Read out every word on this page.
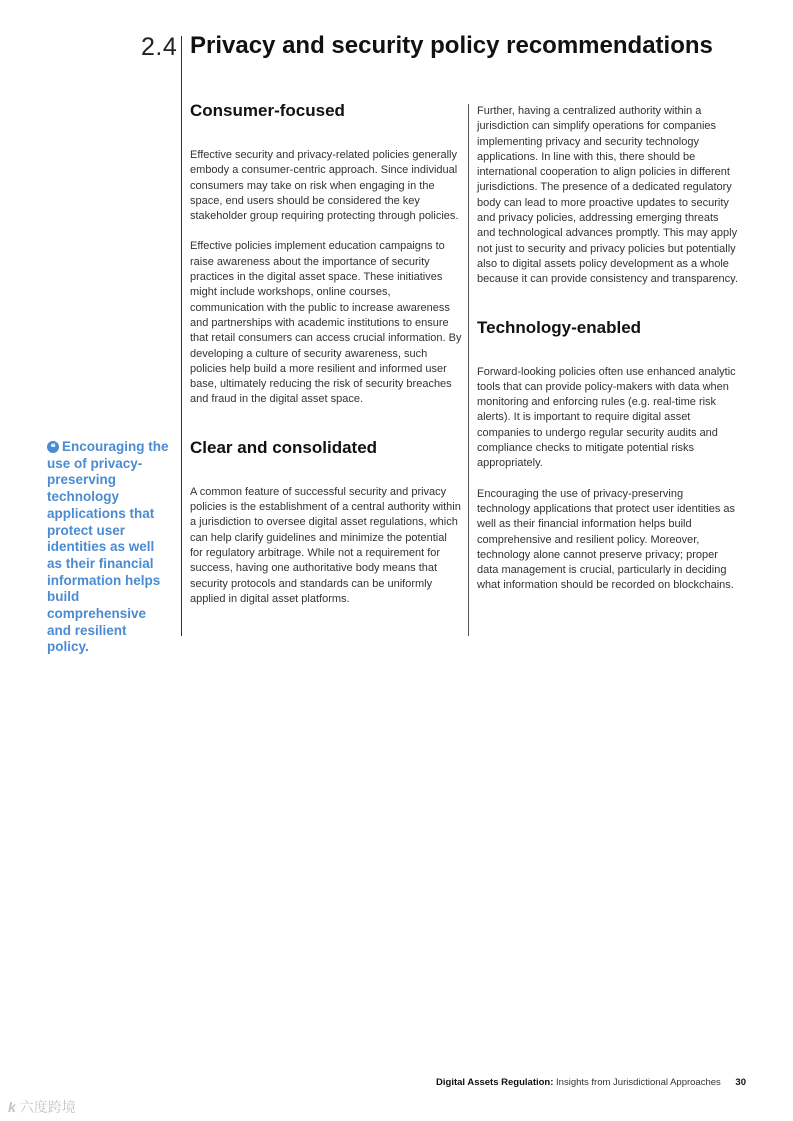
2.4 Privacy and security policy recommendations
Consumer-focused

Effective security and privacy-related policies generally embody a consumer-centric approach. Since individual consumers may take on risk when engaging in the space, end users should be considered the key stakeholder group requiring protecting through policies.

Effective policies implement education campaigns to raise awareness about the importance of security practices in the digital asset space. These initiatives might include workshops, online courses, communication with the public to increase awareness and partnerships with academic institutions to ensure that retail consumers can access crucial information. By developing a culture of security awareness, such policies help build a more resilient and informed user base, ultimately reducing the risk of security breaches and fraud in the digital asset space.

Clear and consolidated

A common feature of successful security and privacy policies is the establishment of a central authority within a jurisdiction to oversee digital asset regulations, which can help clarify guidelines and minimize the potential for regulatory arbitrage. While not a requirement for success, having one authoritative body means that security protocols and standards can be uniformly applied in digital asset platforms.

Further, having a centralized authority within a jurisdiction can simplify operations for companies implementing privacy and security technology applications. In line with this, there should be international cooperation to align policies in different jurisdictions. The presence of a dedicated regulatory body can lead to more proactive updates to security and privacy policies, addressing emerging threats and technological advances promptly. This may apply not just to security and privacy policies but potentially also to digital assets policy development as a whole because it can provide consistency and transparency.

Technology-enabled

Forward-looking policies often use enhanced analytic tools that can provide policy-makers with data when monitoring and enforcing rules (e.g. real-time risk alerts). It is important to require digital asset companies to undergo regular security audits and compliance checks to mitigate potential risks appropriately.

Encouraging the use of privacy-preserving technology applications that protect user identities as well as their financial information helps build comprehensive and resilient policy. Moreover, technology alone cannot preserve privacy; proper data management is crucial, particularly in deciding what information should be recorded on blockchains.

❝ Encouraging the use of privacy-preserving technology applications that protect user identities as well as their financial information helps build comprehensive and resilient policy.

Digital Assets Regulation: Insights from Jurisdictional Approaches 30
k 六度跨境
